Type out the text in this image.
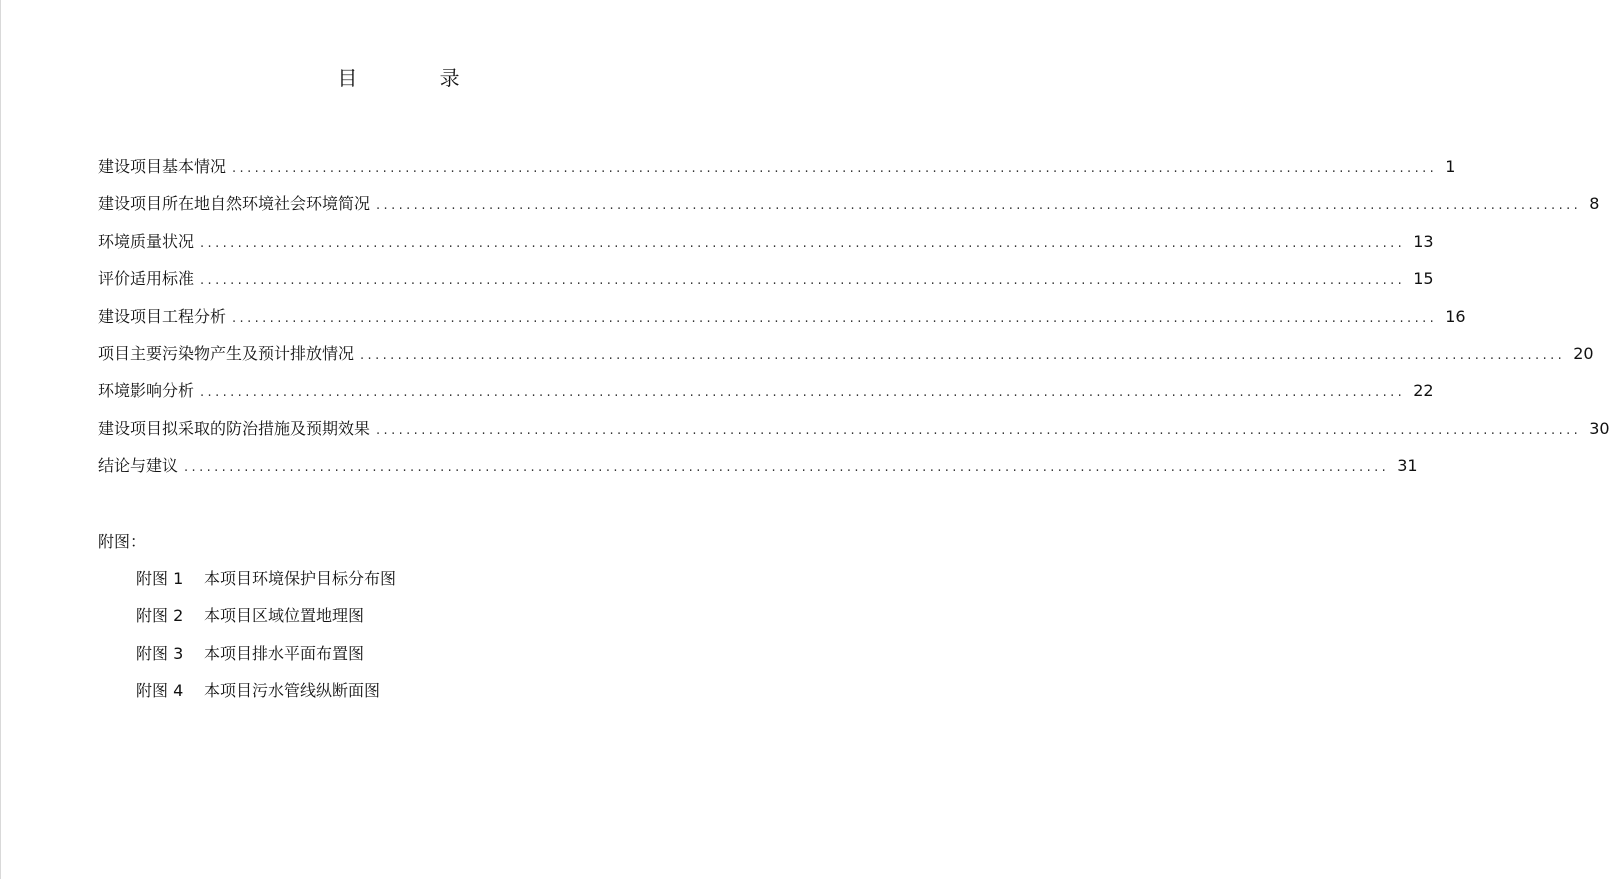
目 录
建设项目基本情况 ................................................................................................................................................................ 1
建设项目所在地自然环境社会环境简况 ................................................................................................................................................................ 8
环境质量状况 ................................................................................................................................................................ 13
评价适用标准 ................................................................................................................................................................ 15
建设项目工程分析 ................................................................................................................................................................ 16
项目主要污染物产生及预计排放情况 ................................................................................................................................................................ 20
环境影响分析 ................................................................................................................................................................ 22
建设项目拟采取的防治措施及预期效果 ................................................................................................................................................................ 30
结论与建议 ................................................................................................................................................................ 31
附图：
附图 1 本项目环境保护目标分布图
附图 2 本项目区域位置地理图
附图 3 本项目排水平面布置图
附图 4 本项目污水管线纵断面图
